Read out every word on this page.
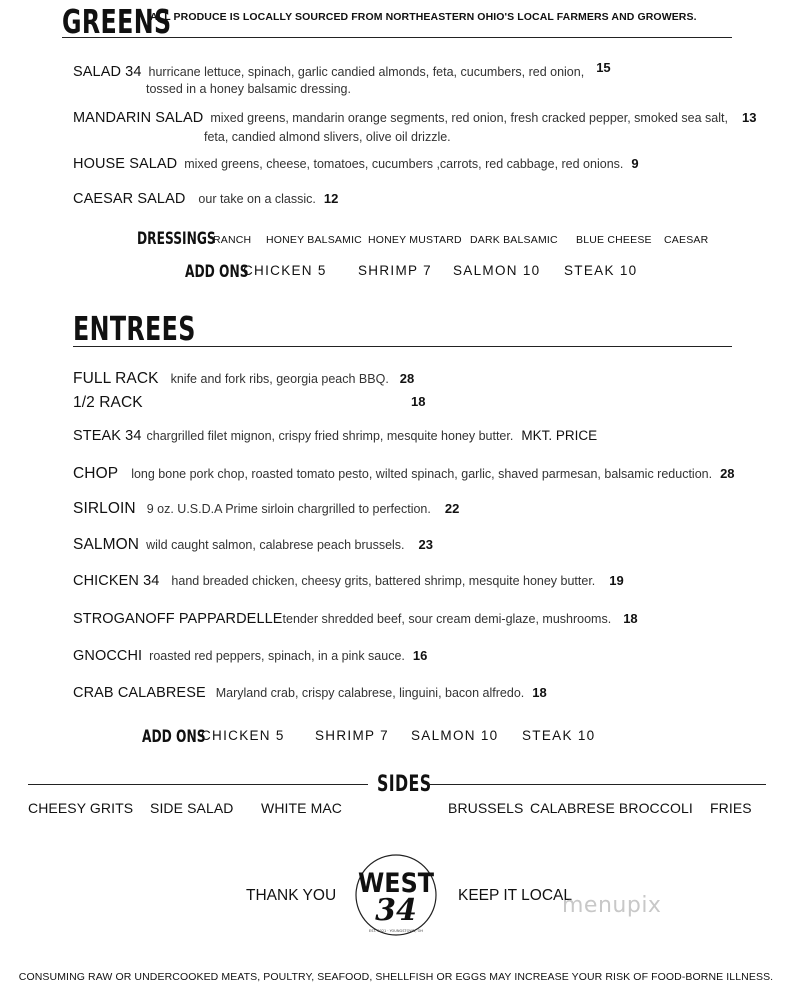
GREENS
ALL PRODUCE IS LOCALLY SOURCED FROM NORTHEASTERN OHIO'S LOCAL FARMERS AND GROWERS.
SALAD 34 hurricane lettuce, spinach, garlic candied almonds, feta, cucumbers, red onion, 15
tossed in a honey balsamic dressing.
MANDARIN SALAD mixed greens, mandarin orange segments, red onion, fresh cracked pepper, smoked sea salt, 13
feta, candied almond slivers, olive oil drizzle.
HOUSE SALAD mixed greens, cheese, tomatoes, cucumbers ,carrots, red cabbage, red onions. 9
CAESAR SALAD our take on a classic. 12
DRESSINGS
RANCH HONEY BALSAMIC HONEY MUSTARD DARK BALSAMIC BLUE CHEESE CAESAR
ADD ONS
CHICKEN 5 SHRIMP 7 SALMON 10 STEAK 10
ENTREES
FULL RACK knife and fork ribs, georgia peach BBQ. 28
1/2 RACK	18
STEAK 34 chargrilled filet mignon, crispy fried shrimp, mesquite honey butter. MKT. PRICE
CHOP long bone pork chop, roasted tomato pesto, wilted spinach, garlic, shaved parmesan, balsamic reduction. 28
SIRLOIN 9 oz. U.S.D.A Prime sirloin chargrilled to perfection. 22
SALMON wild caught salmon, calabrese peach brussels. 23
CHICKEN 34 hand breaded chicken, cheesy grits, battered shrimp, mesquite honey butter. 19
STROGANOFF PAPPARDELLE tender shredded beef, sour cream demi-glaze, mushrooms. 18
GNOCCHI roasted red peppers, spinach, in a pink sauce. 16
CRAB CALABRESE Maryland crab, crispy calabrese, linguini, bacon alfredo. 18
ADD ONS
CHICKEN 5 SHRIMP 7 SALMON 10 STEAK 10
SIDES
CHEESY GRITS SIDE SALAD WHITE MAC	BRUSSELS CALABRESE BROCCOLI FRIES
THANK YOU WEST
34
EST. 2021 · YOUNGSTOWN, OH
KEEP IT LOCAL
menupix
CONSUMING RAW OR UNDERCOOKED MEATS, POULTRY, SEAFOOD, SHELLFISH OR EGGS MAY INCREASE YOUR RISK OF FOOD-BORNE ILLNESS.
